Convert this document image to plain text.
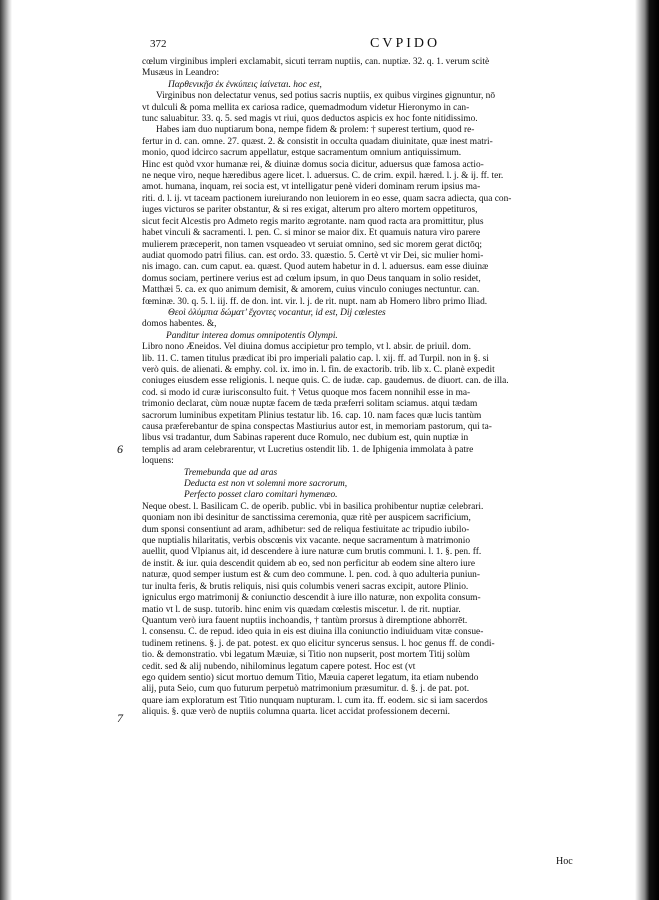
372	CVPIDO
cœlum virginibus impleri exclamabit, sicuti terram nuptiis, can. nuptiæ. 32. q. 1. verum scitè
Musæus in Leandro:
Παρθενικῇσ ἐκ ἐνκύπεις ἰαίνεται. hoc est,
Virginibus non delectatur venus, sed potius sacris nuptiis, ex quibus virgines gignuntur, nō
vt dulculi & poma mellita ex cariosa radice, quemadmodum videtur Hieronymo in can-
tunc saluabitur. 33. q. 5. sed magis vt riui, quos deductos aspicis ex hoc fonte nitidissimo.
Habes iam duo nuptiarum bona, nempe fidem & prolem: † superest tertium, quod re-
fertur in d. can. omne. 27. quæst. 2. & consistit in occulta quadam diuinitate, quæ inest matri-
monio, quod idcirco sacrum appellatur, estque sacramentum omnium antiquissimum.
Hinc est quòd vxor humanæ rei, & diuinæ domus socia dicitur, aduersus quæ famosa actio-
ne neque viro, neque hæredibus agere licet. l. aduersus. C. de crim. expil. hæred. l. j. & ij. ff. ter.
amot. humana, inquam, rei socia est, vt intelligatur penè videri dominam rerum ipsius ma-
riti. d. l. ij. vt taceam pactionem iureiurando non leuiorem in eo esse, quam sacra adiecta, qua con-
iuges victuros se pariter obstantur, & si res exigat, alterum pro altero mortem oppetituros,
sicut fecit Alcestis pro Admeto regis marito ægrotante. nam quod racta ara promittitur, plus
habet vinculi & sacramenti. l. pen. C. si minor se maior dix. Et quamuis natura viro parere
mulierem præceperit, non tamen vsqueadeo vt seruiat omnino, sed sic morem gerat dictōq;
audiat quomodo patri filius. can. est ordo. 33. quæstio. 5. Certè vt vir Dei, sic mulier homi-
nis imago. can. cum caput. ea. quæst. Quod autem habetur in d. l. aduersus. eam esse diuinæ
domus sociam, pertinere verius est ad cœlum ipsum, in quo Deus tanquam in solio residet,
Matthæi 5. ca. ex quo animum demisit, & amorem, cuius vinculo coniuges nectuntur. can.
fœminæ. 30. q. 5. l. iij. ff. de don. int. vir. l. j. de rit. nupt. nam ab Homero libro primo Iliad.
Θεοὶ ὀλύμπια δώματ’ ἔχοντες vocantur, id est, Dij cœlestes
domos habentes. &,
Panditur interea domus omnipotentis Olympi.
Libro nono Æneidos. Vel diuina domus accipietur pro templo, vt l. absir. de priuil. dom.
lib. 11. C. tamen titulus prædicat ibi pro imperiali palatio cap. l. xij. ff. ad Turpil. non in §. si
verò quis. de alienati. & emphy. col. ix. imo in. l. fin. de exactorib. trib. lib x. C. planè expedit
coniuges eiusdem esse religionis. l. neque quis. C. de iudæ. cap. gaudemus. de diuort. can. de illa.
cod. si modo id curæ iurisconsulto fuit. † Vetus quoque mos facem nonnihil esse in ma-
trimonio declarat, cùm nouæ nuptæ facem de tæda præferri solitam sciamus. atqui tædam
sacrorum luminibus expetitam Plinius testatur lib. 16. cap. 10. nam faces quæ lucis tantùm
causa præferebantur de spina conspectas Mastiurius autor est, in memoriam pastorum, qui ta-
libus vsi tradantur, dum Sabinas raperent duce Romulo, nec dubium est, quin nuptiæ in
templis ad aram celebrarentur, vt Lucretius ostendit lib. 1. de Iphigenia immolata à patre
loquens:
Tremebunda que ad aras
Deducta est non vt solemni more sacrorum,
Perfecto posset claro comitari hymenæo.
Neque obest. l. Basilicam C. de operib. public. vbi in basilica prohibentur nuptiæ celebrari.
quoniam non ibi desinitur de sanctissima ceremonia, quæ ritè per auspicem sacrificium,
dum sponsi consentiunt ad aram, adhibetur: sed de reliqua festiuitate ac tripudio iubilo-
que nuptialis hilaritatis, verbis obscœnis vix vacante. neque sacramentum à matrimonio
auellit, quod Vlpianus ait, id descendere à iure naturæ cum brutis communi. l. 1. §. pen. ff.
de instit. & iur. quia descendit quidem ab eo, sed non perficitur ab eodem sine altero iure
naturæ, quod semper iustum est & cum deo commune. l. pen. cod. à quo adulteria puniun-
tur inulta feris, & brutis reliquis, nisi quis columbis veneri sacras excipit, autore Plinio.
igniculus ergo matrimonij & coniunctio descendit à iure illo naturæ, non expolita consum-
matio vt l. de susp. tutorib. hinc enim vis quædam cœlestis miscetur. l. de rit. nuptiar.
Quantum verò iura fauent nuptiis inchoandis, † tantùm prorsus à diremptione abhorrēt.
l. consensu. C. de repud. ideo quia in eis est diuina illa coniunctio indiuiduam vitæ consue-
tudinem retinens. §. j. de pat. potest. ex quo elicitur syncerus sensus. l. hoc genus ff. de condi-
tio. & demonstratio. vbi legatum Mæuiæ, si Titio non nupserit, post mortem Titij solùm
cedit. sed & alij nubendo, nihilominus legatum capere potest. Hoc est (vt
ego quidem sentio) sicut mortuo demum Titio, Mæuia caperet legatum, ita etiam nubendo
alij, puta Seio, cum quo futurum perpetuò matrimonium præsumitur. d. §. j. de pat. pot.
quare iam exploratum est Titio nunquam nupturam. l. cum ita. ff. eodem. sic si iam sacerdos
aliquis. §. quæ verò de nuptiis columna quarta. licet accidat professionem decerni.
6
7
Hoc
